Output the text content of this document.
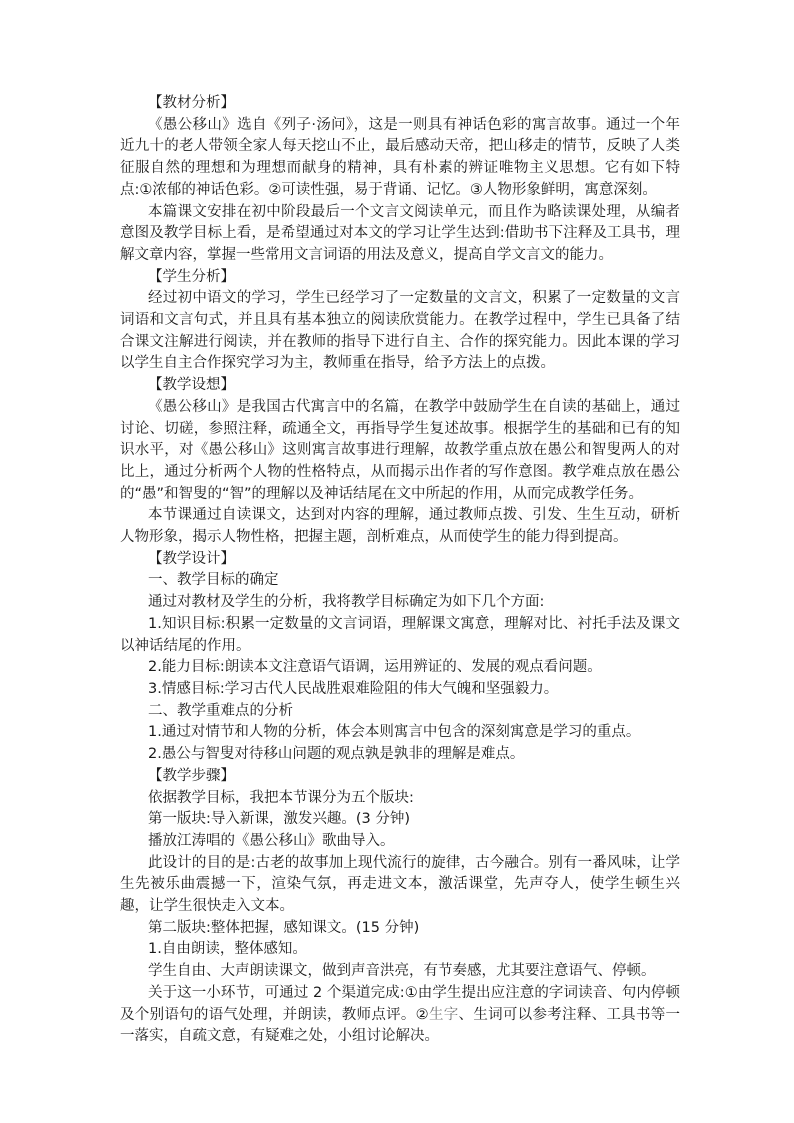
【教材分析】

《愚公移山》选自《列子·汤问》，这是一则具有神话色彩的寓言故事。通过一个年近九十的老人带领全家人每天挖山不止，最后感动天帝，把山移走的情节，反映了人类征服自然的理想和为理想而献身的精神，具有朴素的辨证唯物主义思想。它有如下特点:①浓郁的神话色彩。②可读性强，易于背诵、记忆。③人物形象鲜明，寓意深刻。

本篇课文安排在初中阶段最后一个文言文阅读单元，而且作为略读课处理，从编者意图及教学目标上看，是希望通过对本文的学习让学生达到:借助书下注释及工具书，理解文章内容，掌握一些常用文言词语的用法及意义，提高自学文言文的能力。

【学生分析】

经过初中语文的学习，学生已经学习了一定数量的文言文，积累了一定数量的文言词语和文言句式，并且具有基本独立的阅读欣赏能力。在教学过程中，学生已具备了结合课文注解进行阅读，并在教师的指导下进行自主、合作的探究能力。因此本课的学习以学生自主合作探究学习为主，教师重在指导，给予方法上的点拨。

【教学设想】

《愚公移山》是我国古代寓言中的名篇，在教学中鼓励学生在自读的基础上，通过讨论、切磋，参照注释，疏通全文，再指导学生复述故事。根据学生的基础和已有的知识水平，对《愚公移山》这则寓言故事进行理解，故教学重点放在愚公和智叟两人的对比上，通过分析两个人物的性格特点，从而揭示出作者的写作意图。教学难点放在愚公的“愚”和智叟的“智”的理解以及神话结尾在文中所起的作用，从而完成教学任务。

本节课通过自读课文，达到对内容的理解，通过教师点拨、引发、生生互动，研析人物形象，揭示人物性格，把握主题，剖析难点，从而使学生的能力得到提高。

【教学设计】

一、教学目标的确定

通过对教材及学生的分析，我将教学目标确定为如下几个方面:

1.知识目标:积累一定数量的文言词语，理解课文寓意，理解对比、衬托手法及课文以神话结尾的作用。

2.能力目标:朗读本文注意语气语调，运用辨证的、发展的观点看问题。

3.情感目标:学习古代人民战胜艰难险阻的伟大气魄和坚强毅力。

二、教学重难点的分析

1.通过对情节和人物的分析，体会本则寓言中包含的深刻寓意是学习的重点。

2.愚公与智叟对待移山问题的观点孰是孰非的理解是难点。

【教学步骤】

依据教学目标，我把本节课分为五个版块:

第一版块:导入新课，激发兴趣。(3 分钟)

播放江涛唱的《愚公移山》歌曲导入。

此设计的目的是:古老的故事加上现代流行的旋律，古今融合。别有一番风味，让学生先被乐曲震撼一下，渲染气氛，再走进文本，激活课堂，先声夺人，使学生顿生兴趣，让学生很快走入文本。

第二版块:整体把握，感知课文。(15 分钟)

1.自由朗读，整体感知。

学生自由、大声朗读课文，做到声音洪亮，有节奏感，尤其要注意语气、停顿。

关于这一小环节，可通过 2 个渠道完成:①由学生提出应注意的字词读音、句内停顿及个别语句的语气处理，并朗读，教师点评。②生字、生词可以参考注释、工具书等一一落实，自疏文意，有疑难之处，小组讨论解决。
